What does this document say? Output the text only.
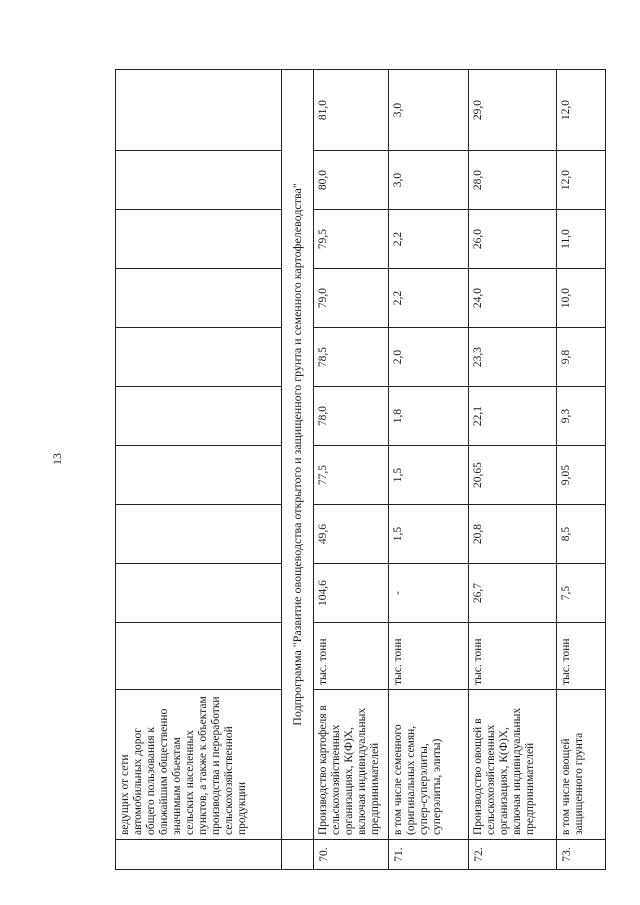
13
	ведущих от сети автомобильных дорог общего пользования к ближайшим общественно значимым объектам сельских населенных пунктов, а также к объектам производства и переработки сельскохозяйственной продукции										
	Подпрограмма "Развитие овощеводства открытого и защищенного грунта и семенного картофелеводства"										
70.	Производство картофеля в сельскохозяйственных организациях, К(Ф)Х, включая индивидуальных предпринимателей	тыс. тонн	104,6	49,6	77,5	78,0	78,5	79,0	79,5	80,0	81,0
71.	в том числе семенного (оригинальных семян, супер-суперэлиты, суперэлиты, элиты)	тыс. тонн	-	1,5	1,5	1,8	2,0	2,2	2,2	3,0	3,0
72.	Производство овощей в сельскохозяйственных организациях, К(Ф)Х, включая индивидуальных предпринимателей	тыс. тонн	26,7	20,8	20,65	22,1	23,3	24,0	26,0	28,0	29,0
73.	в том числе овощей защищенного грунта	тыс. тонн	7,5	8,5	9,05	9,3	9,8	10,0	11,0	12,0	12,0
